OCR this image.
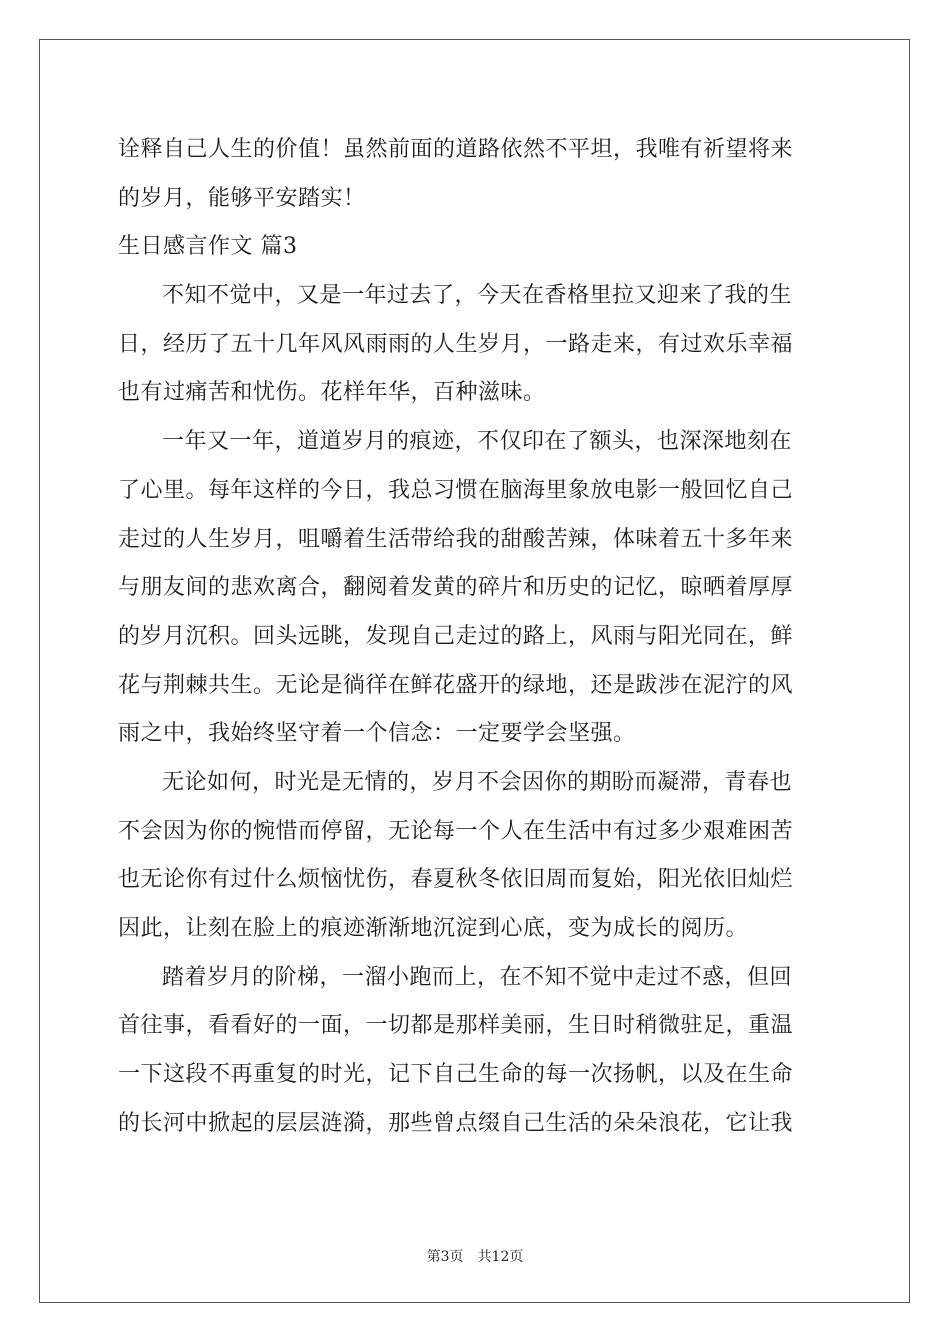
诠释自己人生的价值！虽然前面的道路依然不平坦，我唯有祈望将来
的岁月，能够平安踏实！
生日感言作文 篇3
不知不觉中，又是一年过去了，今天在香格里拉又迎来了我的生
日，经历了五十几年风风雨雨的人生岁月，一路走来，有过欢乐幸福
也有过痛苦和忧伤。花样年华，百种滋味。
一年又一年，道道岁月的痕迹，不仅印在了额头，也深深地刻在
了心里。每年这样的今日，我总习惯在脑海里象放电影一般回忆自己
走过的人生岁月，咀嚼着生活带给我的甜酸苦辣，体味着五十多年来
与朋友间的悲欢离合，翻阅着发黄的碎片和历史的记忆，晾晒着厚厚
的岁月沉积。回头远眺，发现自己走过的路上，风雨与阳光同在，鲜
花与荆棘共生。无论是徜徉在鲜花盛开的绿地，还是跋涉在泥泞的风
雨之中，我始终坚守着一个信念：一定要学会坚强。
无论如何，时光是无情的，岁月不会因你的期盼而凝滞，青春也
不会因为你的惋惜而停留，无论每一个人在生活中有过多少艰难困苦
也无论你有过什么烦恼忧伤，春夏秋冬依旧周而复始，阳光依旧灿烂
因此，让刻在脸上的痕迹渐渐地沉淀到心底，变为成长的阅历。
踏着岁月的阶梯，一溜小跑而上，在不知不觉中走过不惑，但回
首往事，看看好的一面，一切都是那样美丽，生日时稍微驻足，重温
一下这段不再重复的时光，记下自己生命的每一次扬帆，以及在生命
的长河中掀起的层层涟漪，那些曾点缀自己生活的朵朵浪花，它让我
第3页 共12页
